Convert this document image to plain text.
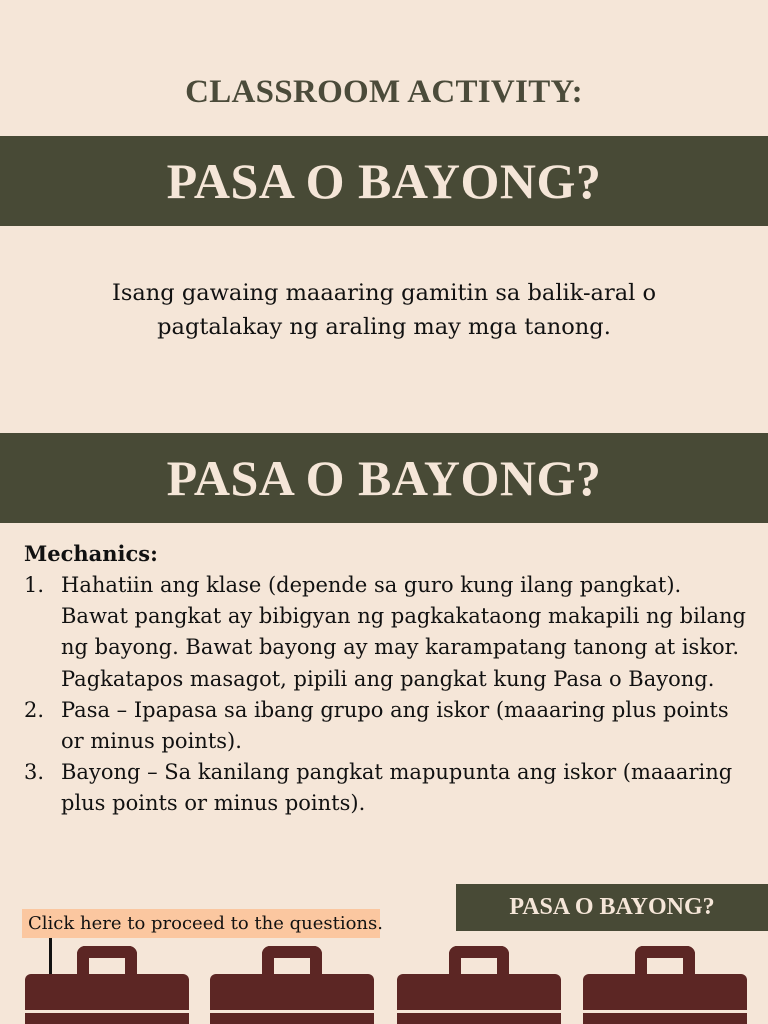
CLASSROOM ACTIVITY:
PASA O BAYONG?
Isang gawaing maaaring gamitin sa balik-aral o pagtalakay ng araling may mga tanong.
PASA O BAYONG?
Mechanics:
1. Hahatiin ang klase (depende sa guro kung ilang pangkat). Bawat pangkat ay bibigyan ng pagkakataong makapili ng bilang ng bayong. Bawat bayong ay may karampatang tanong at iskor. Pagkatapos masagot, pipili ang pangkat kung Pasa o Bayong.
2. Pasa – Ipapasa sa ibang grupo ang iskor (maaaring plus points or minus points).
3. Bayong – Sa kanilang pangkat mapupunta ang iskor (maaaring plus points or minus points).
PASA O BAYONG?
Click here to proceed to the questions.
